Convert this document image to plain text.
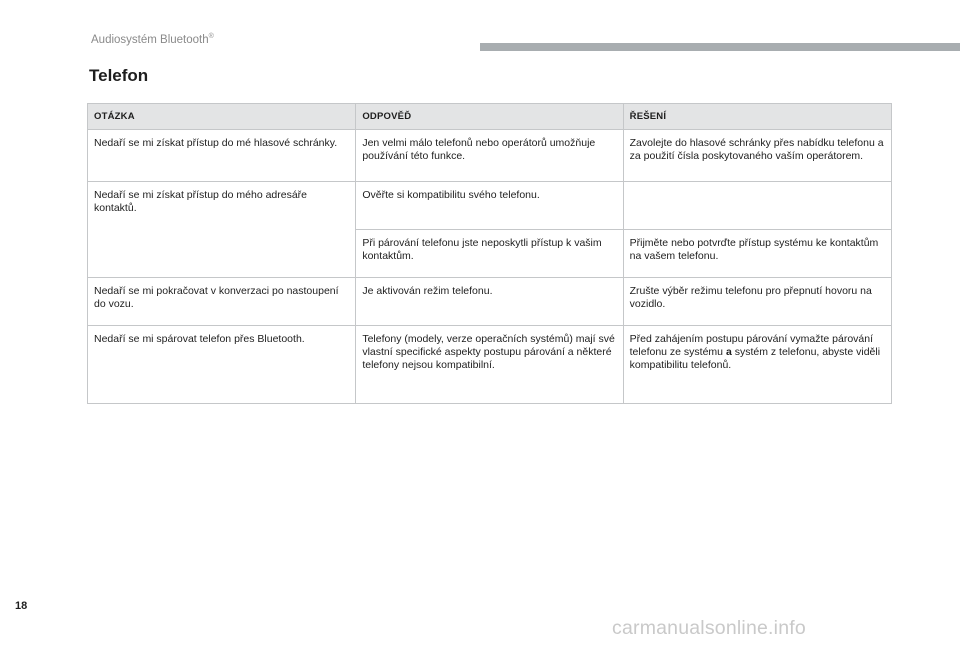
Audiosystém Bluetooth®
Telefon
OTÁZKA	ODPOVĚĎ	ŘEŠENÍ
Nedaří se mi získat přístup do mé hlasové schránky.	Jen velmi málo telefonů nebo operátorů umožňuje používání této funkce.	Zavolejte do hlasové schránky přes nabídku telefonu a za použití čísla poskytovaného vaším operátorem.
Nedaří se mi získat přístup do mého adresáře kontaktů.	Ověřte si kompatibilitu svého telefonu.	
	Při párování telefonu jste neposkytli přístup k vašim kontaktům.	Přijměte nebo potvrďte přístup systému ke kontaktům na vašem telefonu.
Nedaří se mi pokračovat v konverzaci po nastoupení do vozu.	Je aktivován režim telefonu.	Zrušte výběr režimu telefonu pro přepnutí hovoru na vozidlo.
Nedaří se mi spárovat telefon přes Bluetooth.	Telefony (modely, verze operačních systémů) mají své vlastní specifické aspekty postupu párování a některé telefony nejsou kompatibilní.	Před zahájením postupu párování vymažte párování telefonu ze systému a systém z telefonu, abyste viděli kompatibilitu telefonů.
18
carmanualsonline.info
